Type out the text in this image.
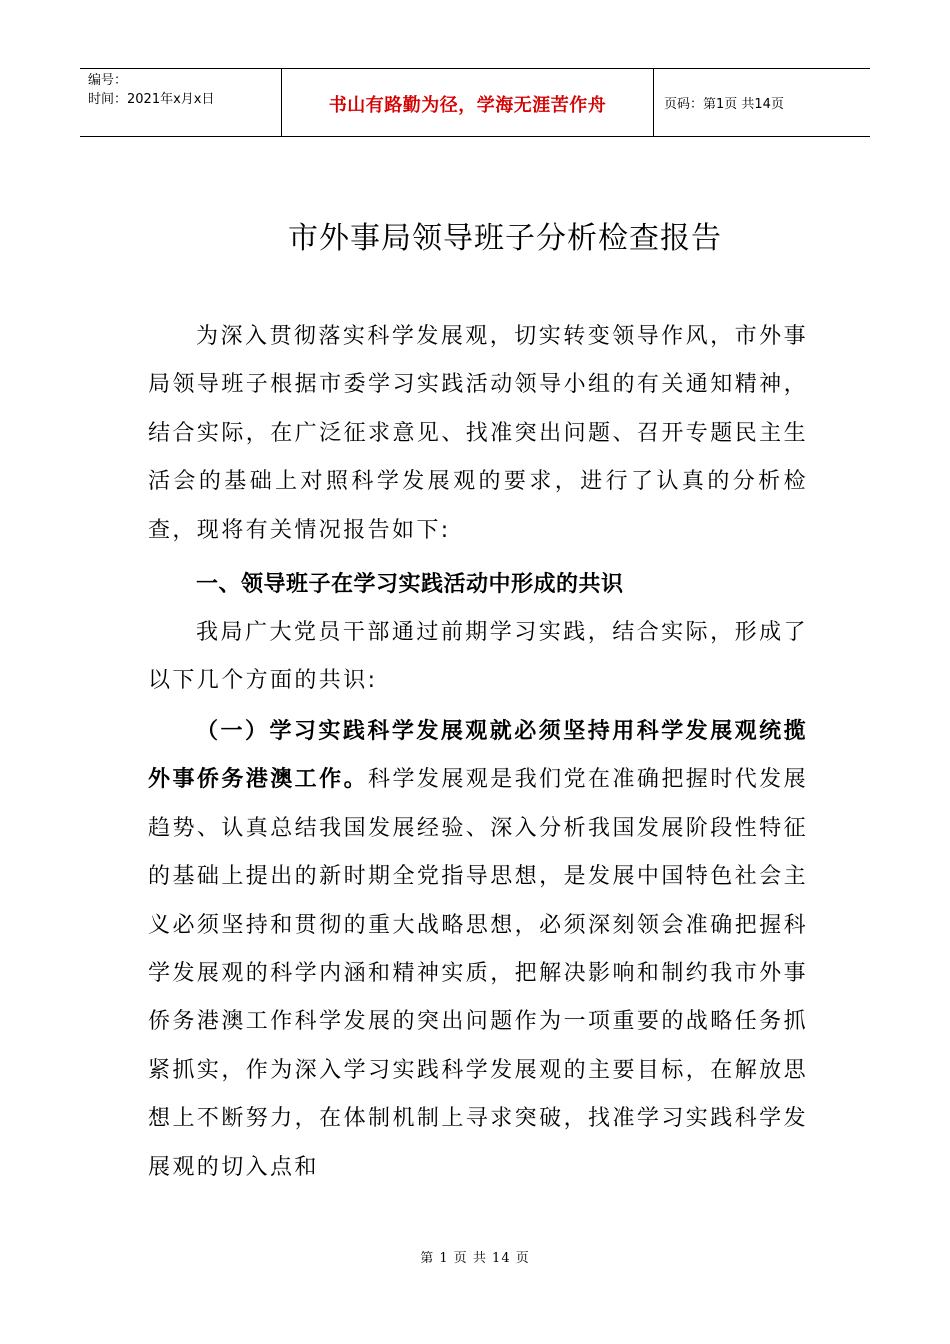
编号：
时间：2021年x月x日	书山有路勤为径，学海无涯苦作舟	页码：第1页 共14页
市外事局领导班子分析检查报告

为深入贯彻落实科学发展观，切实转变领导作风，市外事局领导班子根据市委学习实践活动领导小组的有关通知精神，结合实际，在广泛征求意见、找准突出问题、召开专题民主生活会的基础上对照科学发展观的要求，进行了认真的分析检查，现将有关情况报告如下:

一、领导班子在学习实践活动中形成的共识

我局广大党员干部通过前期学习实践，结合实际，形成了以下几个方面的共识:

（一）学习实践科学发展观就必须坚持用科学发展观统揽外事侨务港澳工作。科学发展观是我们党在准确把握时代发展趋势、认真总结我国发展经验、深入分析我国发展阶段性特征的基础上提出的新时期全党指导思想，是发展中国特色社会主义必须坚持和贯彻的重大战略思想，必须深刻领会准确把握科学发展观的科学内涵和精神实质，把解决影响和制约我市外事侨务港澳工作科学发展的突出问题作为一项重要的战略任务抓紧抓实，作为深入学习实践科学发展观的主要目标，在解放思想上不断努力，在体制机制上寻求突破，找准学习实践科学发展观的切入点和

第 1 页 共 14 页
